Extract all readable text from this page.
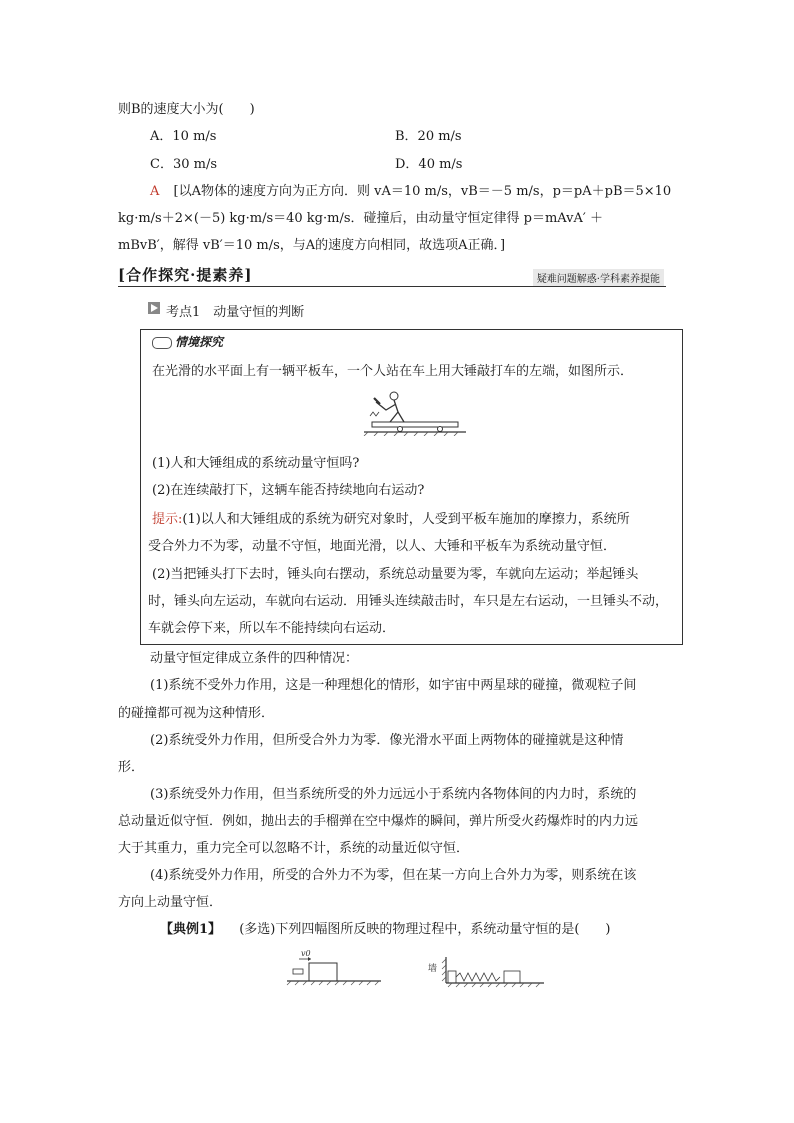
则B的速度大小为(　　)
A．10 m/s	B．20 m/s
C．30 m/s	D．40 m/s
A [以A物体的速度方向为正方向．则 vA＝10 m/s，vB＝－5 m/s，p＝pA＋pB＝5×10
kg·m/s＋2×(－5) kg·m/s＝40 kg·m/s．碰撞后，由动量守恒定律得 p＝mAvA′ ＋
mBvB′，解得 vB′＝10 m/s，与A的速度方向相同，故选项A正确．]
[合作探究·提素养]	疑难问题解惑·学科素养提能
考点1　动量守恒的判断
情境探究
在光滑的水平面上有一辆平板车，一个人站在车上用大锤敲打车的左端，如图所示．
(1)人和大锤组成的系统动量守恒吗?
(2)在连续敲打下，这辆车能否持续地向右运动?
提示:(1)以人和大锤组成的系统为研究对象时，人受到平板车施加的摩擦力，系统所
受合外力不为零，动量不守恒，地面光滑，以人、大锤和平板车为系统动量守恒．
(2)当把锤头打下去时，锤头向右摆动，系统总动量要为零，车就向左运动；举起锤头
时，锤头向左运动，车就向右运动．用锤头连续敲击时，车只是左右运动，一旦锤头不动，
车就会停下来，所以车不能持续向右运动．
动量守恒定律成立条件的四种情况：
(1)系统不受外力作用，这是一种理想化的情形，如宇宙中两星球的碰撞，微观粒子间
的碰撞都可视为这种情形．
(2)系统受外力作用，但所受合外力为零．像光滑水平面上两物体的碰撞就是这种情
形．
(3)系统受外力作用，但当系统所受的外力远远小于系统内各物体间的内力时，系统的
总动量近似守恒．例如，抛出去的手榴弹在空中爆炸的瞬间，弹片所受火药爆炸时的内力远
大于其重力，重力完全可以忽略不计，系统的动量近似守恒．
(4)系统受外力作用，所受的合外力不为零，但在某一方向上合外力为零，则系统在该
方向上动量守恒．
【典例1】 (多选)下列四幅图所反映的物理过程中，系统动量守恒的是(　　)
v0
墙
